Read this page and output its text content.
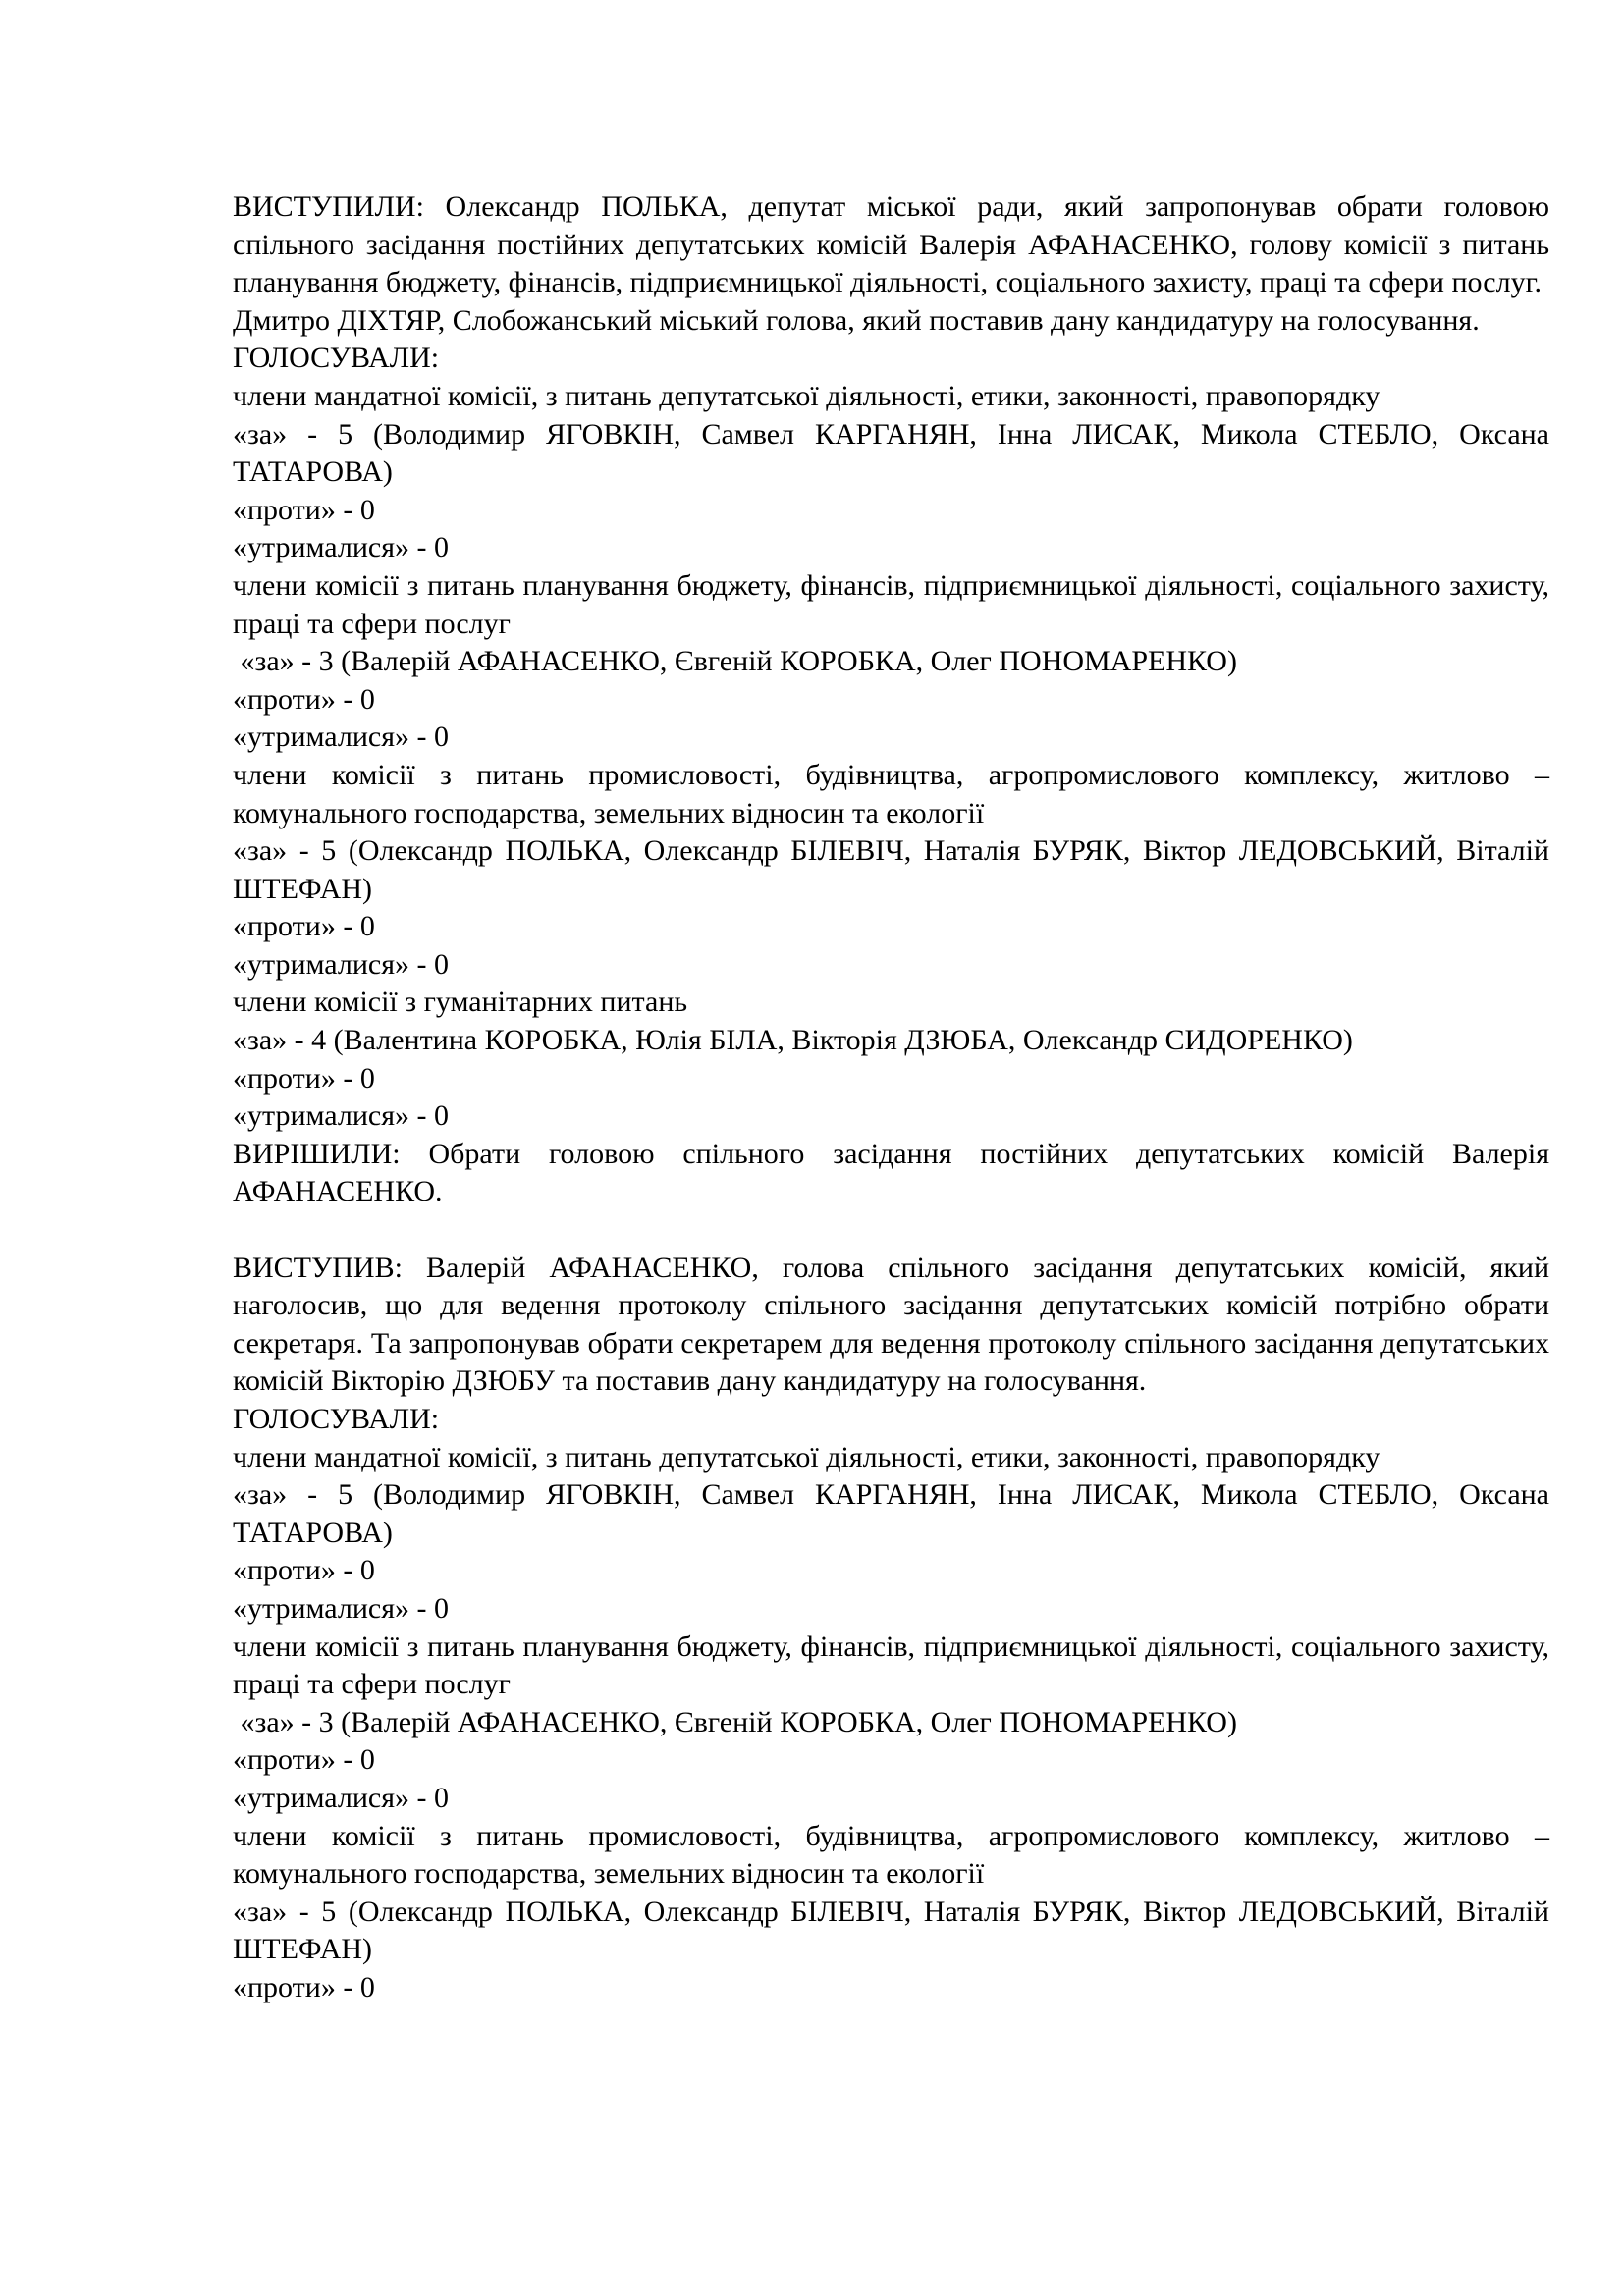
ВИСТУПИЛИ: Олександр ПОЛЬКА, депутат міської ради, який запропонував обрати головою спільного засідання постійних депутатських комісій Валерія АФАНАСЕНКО, голову комісії з питань планування бюджету, фінансів, підприємницької діяльності, соціального захисту, праці та сфери послуг.

Дмитро ДІХТЯР, Слобожанський міський голова, який поставив дану кандидатуру на голосування.

ГОЛОСУВАЛИ:

члени мандатної комісії, з питань депутатської діяльності, етики, законності, правопорядку

«за» - 5 (Володимир ЯГОВКІН, Самвел КАРГАНЯН, Інна ЛИСАК, Микола СТЕБЛО, Оксана ТАТАРОВА)

«проти» - 0

«утрималися» - 0

члени комісії з питань планування бюджету, фінансів, підприємницької діяльності, соціального захисту, праці та сфери послуг

«за» - 3 (Валерій АФАНАСЕНКО, Євгеній КОРОБКА, Олег ПОНОМАРЕНКО)

«проти» - 0

«утрималися» - 0

члени комісії з питань промисловості, будівництва, агропромислового комплексу, житлово – комунального господарства, земельних відносин та екології

«за» - 5 (Олександр ПОЛЬКА, Олександр БІЛЕВІЧ, Наталія БУРЯК, Віктор ЛЕДОВСЬКИЙ, Віталій ШТЕФАН)

«проти» - 0

«утрималися» - 0

члени комісії з гуманітарних питань

«за» - 4 (Валентина КОРОБКА, Юлія БІЛА, Вікторія ДЗЮБА, Олександр СИДОРЕНКО)

«проти» - 0

«утрималися» - 0

ВИРІШИЛИ: Обрати головою спільного засідання постійних депутатських комісій Валерія АФАНАСЕНКО.

ВИСТУПИВ: Валерій АФАНАСЕНКО, голова спільного засідання депутатських комісій, який наголосив, що для ведення протоколу спільного засідання депутатських комісій потрібно обрати секретаря. Та запропонував обрати секретарем для ведення протоколу спільного засідання депутатських комісій Вікторію ДЗЮБУ та поставив дану кандидатуру на голосування.

ГОЛОСУВАЛИ:

члени мандатної комісії, з питань депутатської діяльності, етики, законності, правопорядку

«за» - 5 (Володимир ЯГОВКІН, Самвел КАРГАНЯН, Інна ЛИСАК, Микола СТЕБЛО, Оксана ТАТАРОВА)

«проти» - 0

«утрималися» - 0

члени комісії з питань планування бюджету, фінансів, підприємницької діяльності, соціального захисту, праці та сфери послуг

«за» - 3 (Валерій АФАНАСЕНКО, Євгеній КОРОБКА, Олег ПОНОМАРЕНКО)

«проти» - 0

«утрималися» - 0

члени комісії з питань промисловості, будівництва, агропромислового комплексу, житлово – комунального господарства, земельних відносин та екології

«за» - 5 (Олександр ПОЛЬКА, Олександр БІЛЕВІЧ, Наталія БУРЯК, Віктор ЛЕДОВСЬКИЙ, Віталій ШТЕФАН)

«проти» - 0
